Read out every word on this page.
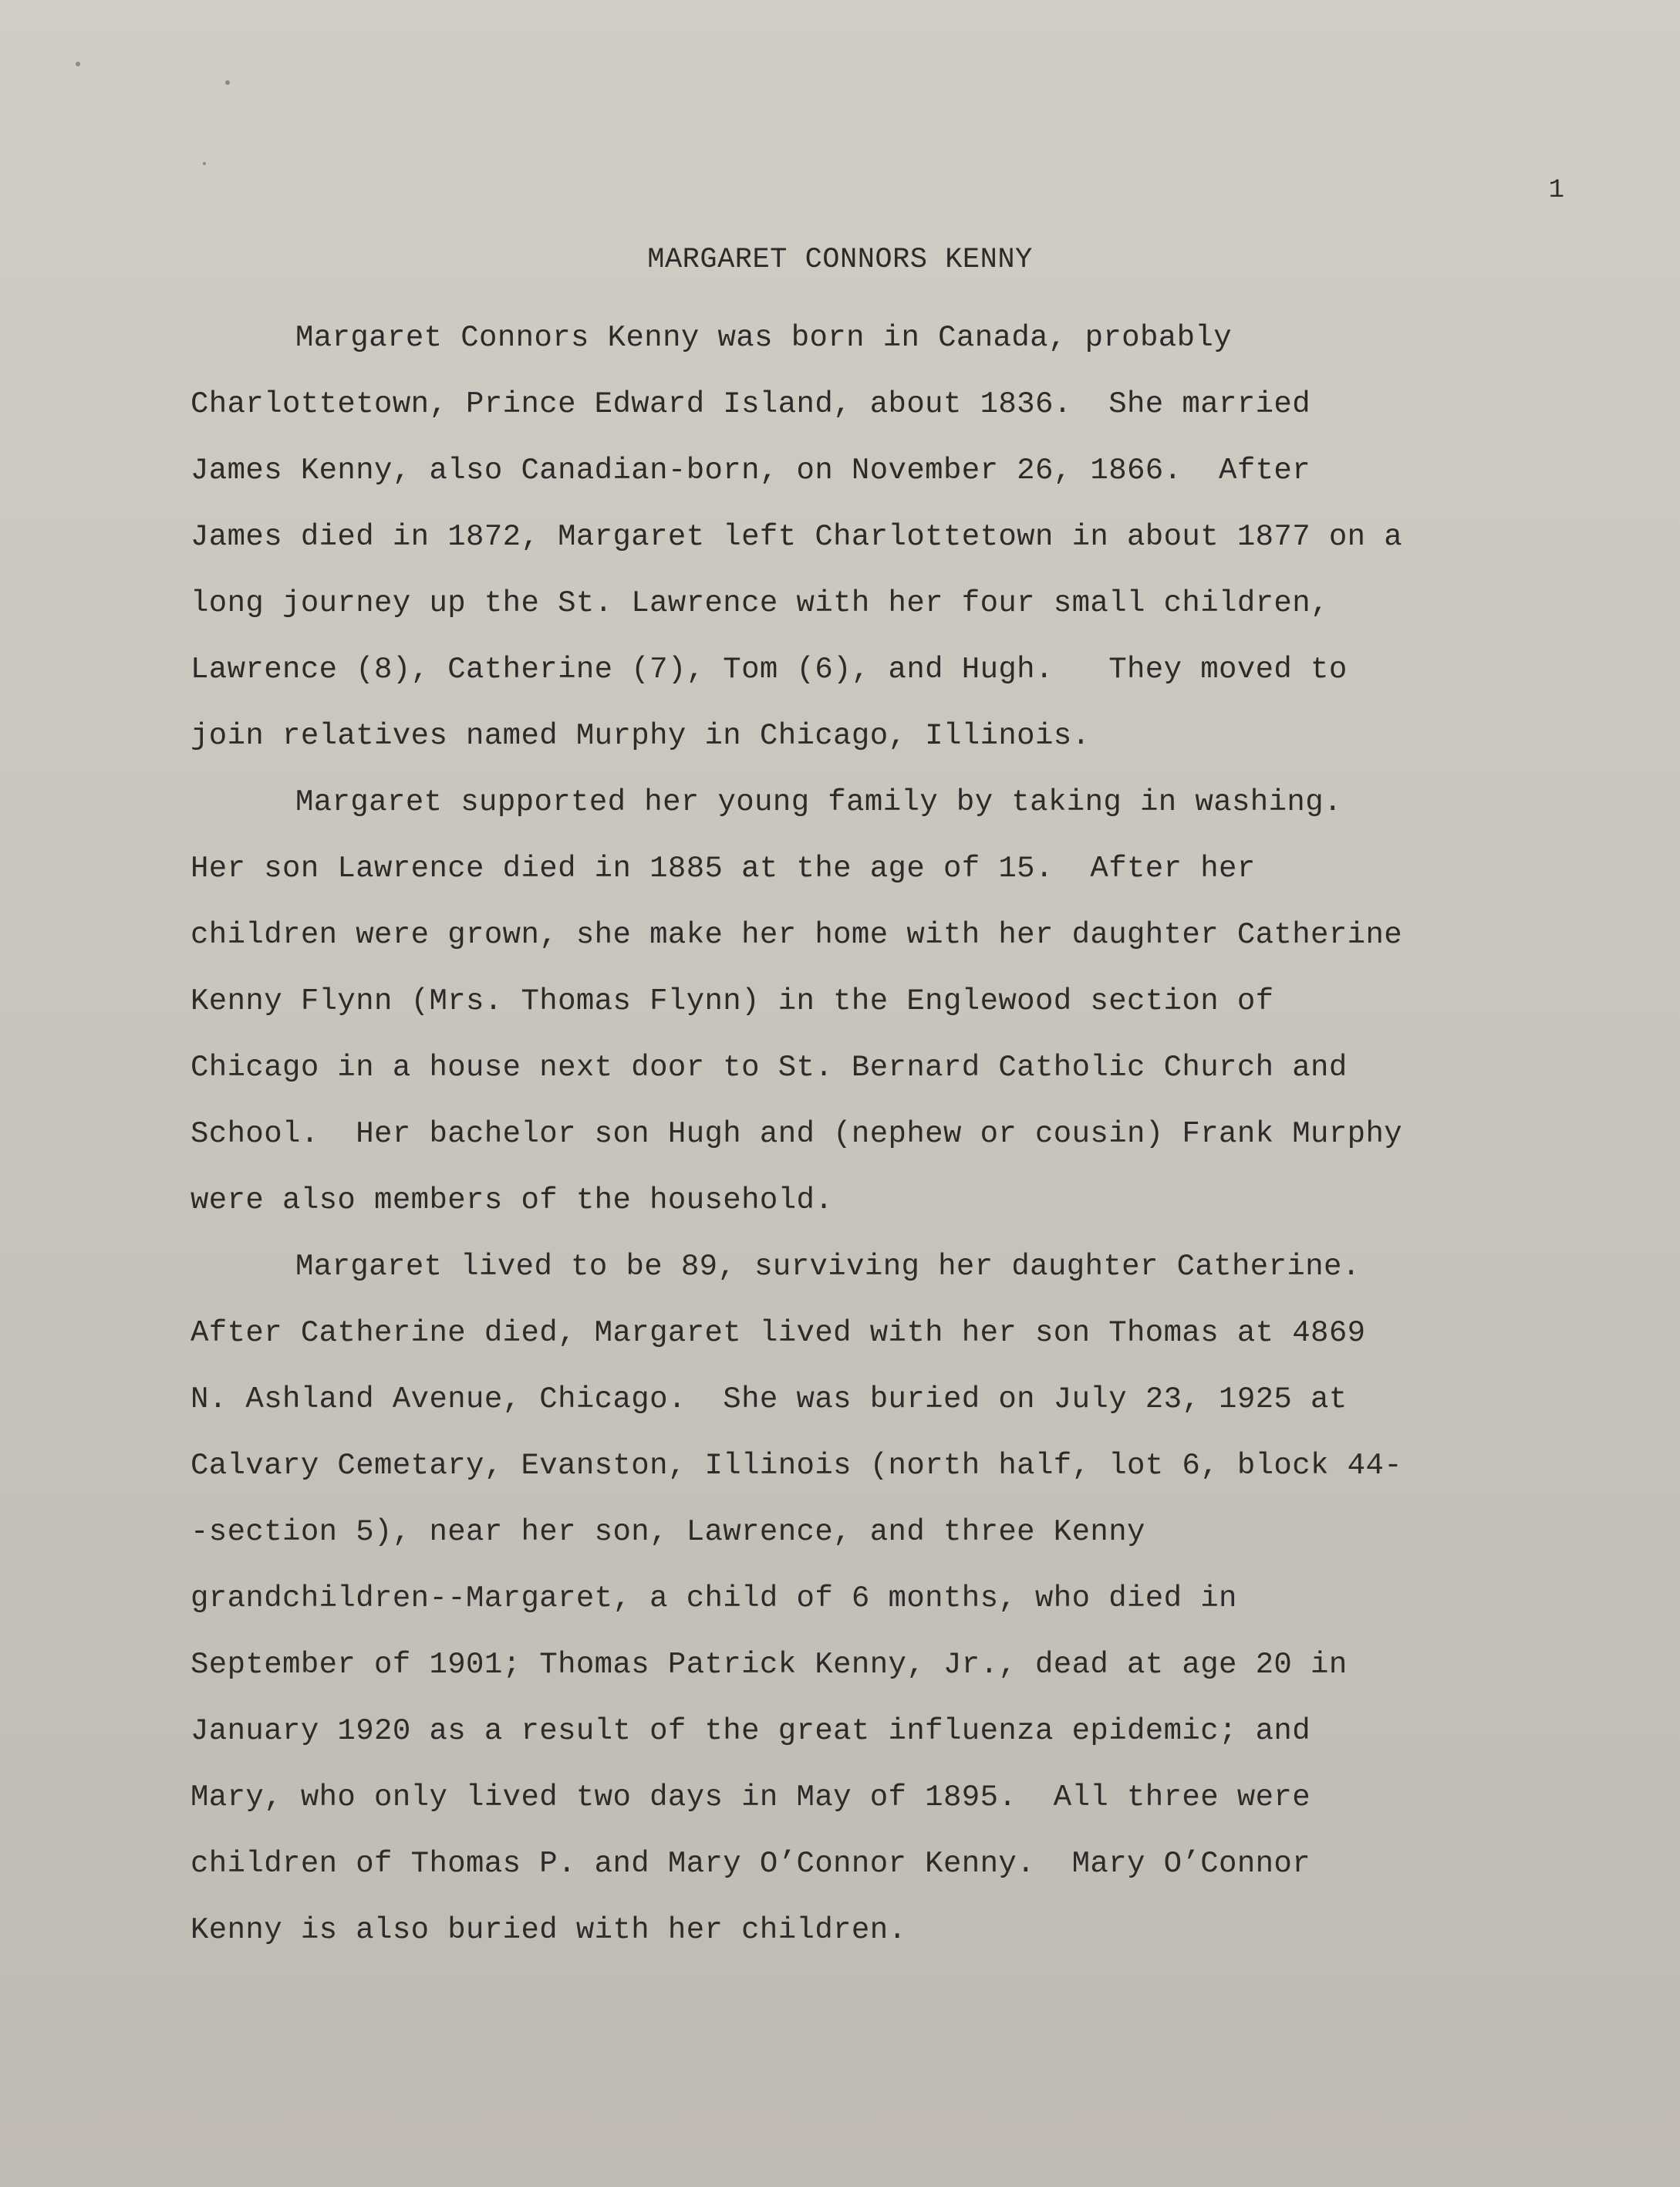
1
MARGARET CONNORS KENNY
Margaret Connors Kenny was born in Canada, probably
Charlottetown, Prince Edward Island, about 1836.  She married
James Kenny, also Canadian-born, on November 26, 1866.  After
James died in 1872, Margaret left Charlottetown in about 1877 on a
long journey up the St. Lawrence with her four small children,
Lawrence (8), Catherine (7), Tom (6), and Hugh.   They moved to
join relatives named Murphy in Chicago, Illinois.
Margaret supported her young family by taking in washing.
Her son Lawrence died in 1885 at the age of 15.  After her
children were grown, she make her home with her daughter Catherine
Kenny Flynn (Mrs. Thomas Flynn) in the Englewood section of
Chicago in a house next door to St. Bernard Catholic Church and
School.  Her bachelor son Hugh and (nephew or cousin) Frank Murphy
were also members of the household.
Margaret lived to be 89, surviving her daughter Catherine.
After Catherine died, Margaret lived with her son Thomas at 4869
N. Ashland Avenue, Chicago.  She was buried on July 23, 1925 at
Calvary Cemetary, Evanston, Illinois (north half, lot 6, block 44-
-section 5), near her son, Lawrence, and three Kenny
grandchildren--Margaret, a child of 6 months, who died in
September of 1901; Thomas Patrick Kenny, Jr., dead at age 20 in
January 1920 as a result of the great influenza epidemic; and
Mary, who only lived two days in May of 1895.  All three were
children of Thomas P. and Mary O’Connor Kenny.  Mary O’Connor
Kenny is also buried with her children.
